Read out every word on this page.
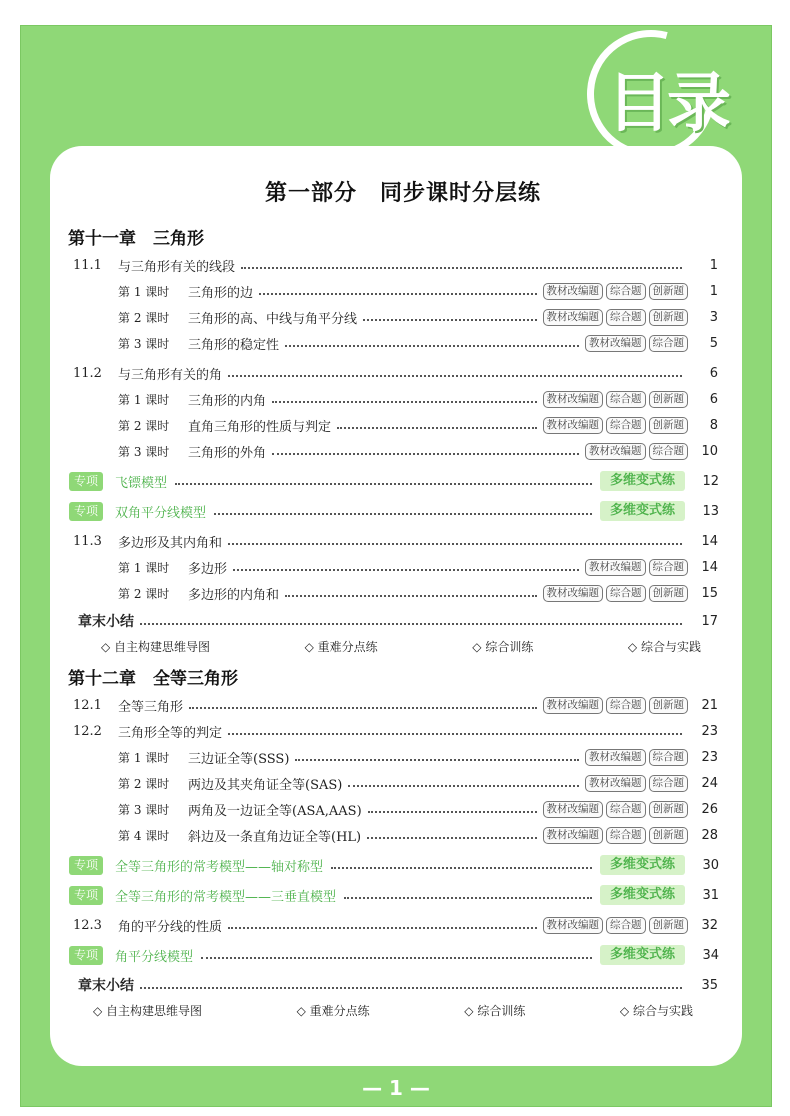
目录
第一部分　同步课时分层练
第十一章　三角形
11.1	与三角形有关的线段	1
第 1 课时	三角形的边	教材改编题	综合题	创新题	1
第 2 课时	三角形的高、中线与角平分线	教材改编题	综合题	创新题	3
第 3 课时	三角形的稳定性	教材改编题	综合题	5
11.2	与三角形有关的角	6
第 1 课时	三角形的内角	教材改编题	综合题	创新题	6
第 2 课时	直角三角形的性质与判定	教材改编题	综合题	创新题	8
第 3 课时	三角形的外角	教材改编题	综合题	10
专项	飞镖模型	多维变式练	12
专项	双角平分线模型	多维变式练	13
11.3	多边形及其内角和	14
第 1 课时	多边形	教材改编题	综合题	14
第 2 课时	多边形的内角和	教材改编题	综合题	创新题	15
章末小结	17
◇ 自主构建思维导图	◇ 重难分点练	◇ 综合训练	◇ 综合与实践
第十二章　全等三角形
12.1	全等三角形	教材改编题	综合题	创新题	21
12.2	三角形全等的判定	23
第 1 课时	三边证全等(SSS)	教材改编题	综合题	23
第 2 课时	两边及其夹角证全等(SAS)	教材改编题	综合题	24
第 3 课时	两角及一边证全等(ASA,AAS)	教材改编题	综合题	创新题	26
第 4 课时	斜边及一条直角边证全等(HL)	教材改编题	综合题	创新题	28
专项	全等三角形的常考模型——轴对称型	多维变式练	30
专项	全等三角形的常考模型——三垂直模型	多维变式练	31
12.3	角的平分线的性质	教材改编题	综合题	创新题	32
专项	角平分线模型	多维变式练	34
章末小结	35
◇ 自主构建思维导图	◇ 重难分点练	◇ 综合训练	◇ 综合与实践
— 1 —
